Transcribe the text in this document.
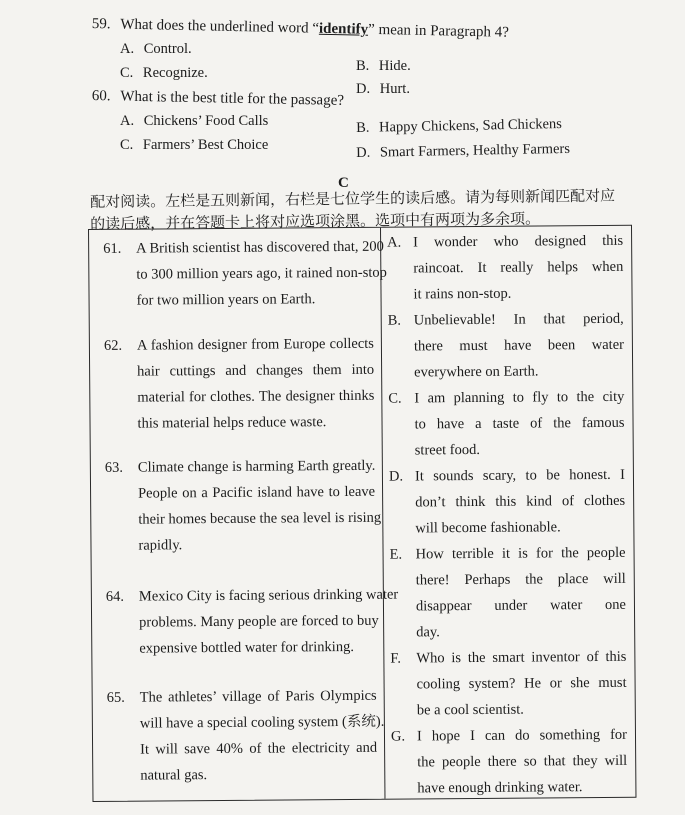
59. What does the underlined word “identify” mean in Paragraph 4?
A. Control.
B. Hide.
C. Recognize.
D. Hurt.
60. What is the best title for the passage?
A. Chickens’ Food Calls	B. Happy Chickens, Sad Chickens
C. Farmers’ Best Choice	D. Smart Farmers, Healthy Farmers
C
配对阅读。左栏是五则新闻，右栏是七位学生的读后感。请为每则新闻匹配对应
的读后感，并在答题卡上将对应选项涂黑。选项中有两项为多余项。
61. A British scientist has discovered that, 200
to 300 million years ago, it rained non-stop
for two million years on Earth.
62. A fashion designer from Europe collects
hair cuttings and changes them into
material for clothes. The designer thinks
this material helps reduce waste.
63. Climate change is harming Earth greatly.
People on a Pacific island have to leave
their homes because the sea level is rising
rapidly.
64. Mexico City is facing serious drinking water
problems. Many people are forced to buy
expensive bottled water for drinking.
65. The athletes’ village of Paris Olympics
will have a special cooling system (系统).
It will save 40% of the electricity and
natural gas.
A. I wonder who designed this
raincoat. It really helps when
it rains non-stop.
B. Unbelievable! In that period,
there must have been water
everywhere on Earth.
C. I am planning to fly to the city
to have a taste of the famous
street food.
D. It sounds scary, to be honest. I
don’t think this kind of clothes
will become fashionable.
E. How terrible it is for the people
there! Perhaps the place will
disappear under water one
day.
F. Who is the smart inventor of this
cooling system? He or she must
be a cool scientist.
G. I hope I can do something for
the people there so that they will
have enough drinking water.
